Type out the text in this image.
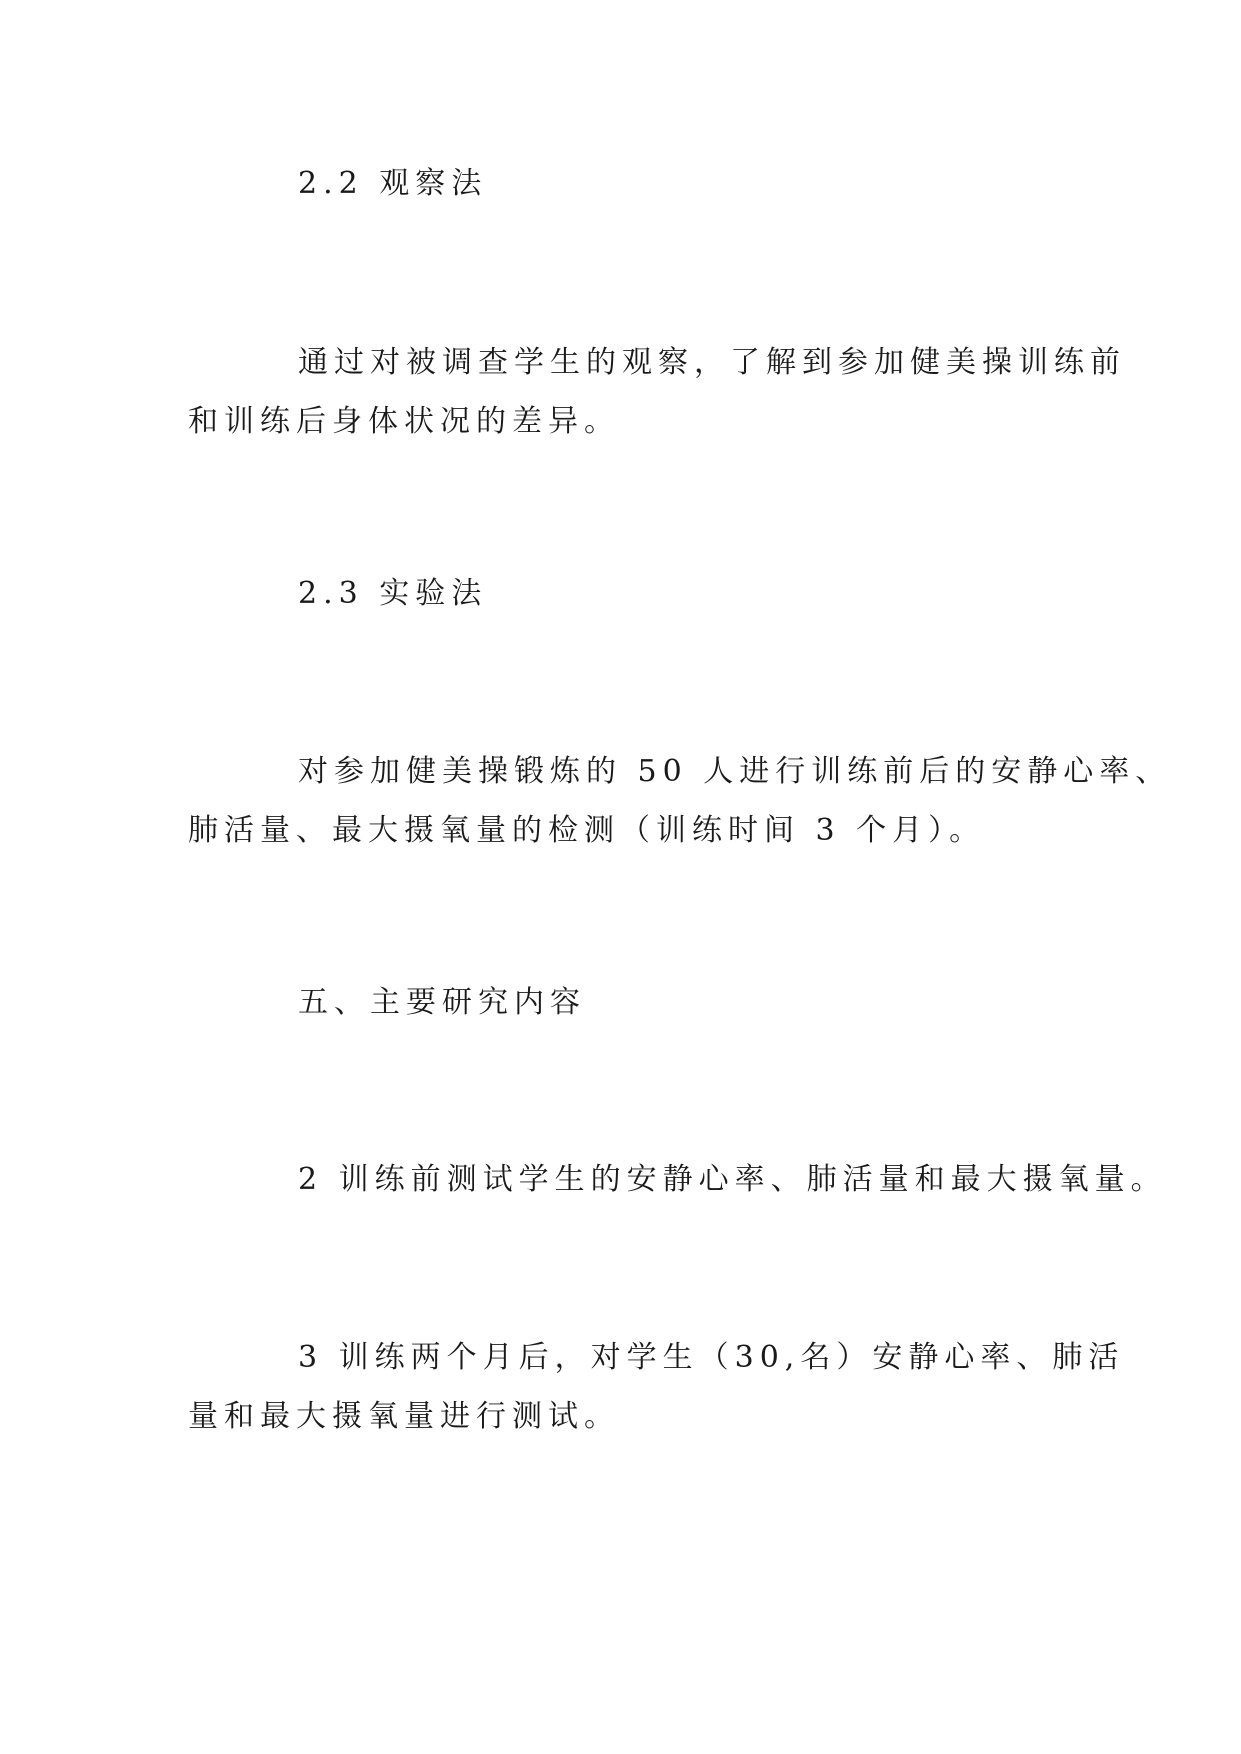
2.2 观察法
通过对被调查学生的观察，了解到参加健美操训练前
和训练后身体状况的差异。
2.3 实验法
对参加健美操锻炼的 50 人进行训练前后的安静心率、
肺活量、最大摄氧量的检测（训练时间 3 个月）。
五、主要研究内容
2 训练前测试学生的安静心率、肺活量和最大摄氧量。
3 训练两个月后，对学生（30,名）安静心率、肺活
量和最大摄氧量进行测试。
